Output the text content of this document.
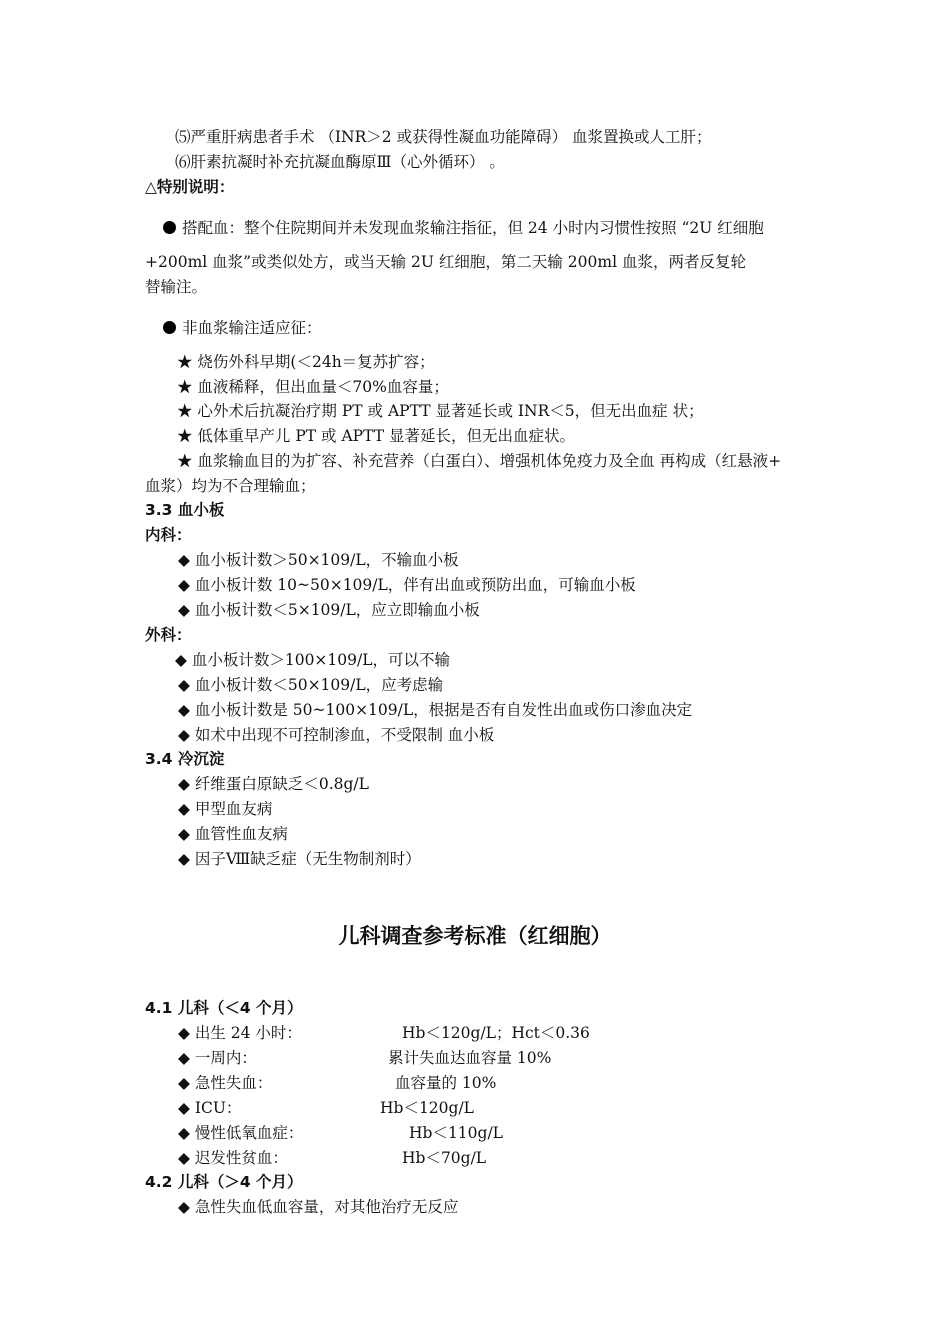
⑸严重肝病患者手术 （INR＞2 或获得性凝血功能障碍） 血浆置换或人工肝；
⑹肝素抗凝时补充抗凝血酶原Ⅲ（心外循环） 。
△特别说明：
搭配血：整个住院期间并未发现血浆输注指征，但 24 小时内习惯性按照 “2U 红细胞
+200ml 血浆”或类似处方，或当天输 2U 红细胞，第二天输 200ml 血浆，两者反复轮
替输注。
非血浆输注适应征：
★ 烧伤外科早期(＜24h＝复苏扩容；
★ 血液稀释，但出血量＜70%血容量；
★ 心外术后抗凝治疗期 PT 或 APTT 显著延长或 INR＜5，但无出血症 状；
★ 低体重早产儿 PT 或 APTT 显著延长，但无出血症状。
★ 血浆输血目的为扩容、补充营养（白蛋白）、增强机体免疫力及全血 再构成（红悬液+
血浆）均为不合理输血；
3.3 血小板
内科：
◆ 血小板计数＞50×109/L，不输血小板
◆ 血小板计数 10~50×109/L，伴有出血或预防出血，可输血小板
◆ 血小板计数＜5×109/L，应立即输血小板
外科：
◆ 血小板计数＞100×109/L，可以不输
◆ 血小板计数＜50×109/L，应考虑输
◆ 血小板计数是 50~100×109/L，根据是否有自发性出血或伤口渗血决定
◆ 如术中出现不可控制渗血，不受限制 血小板
3.4 冷沉淀
◆ 纤维蛋白原缺乏＜0.8g/L
◆ 甲型血友病
◆ 血管性血友病
◆ 因子Ⅷ缺乏症（无生物制剂时）
儿科调查参考标准（红细胞）
4.1 儿科（＜4 个月）
◆ 出生 24 小时：	Hb＜120g/L；Hct＜0.36
◆ 一周内：	累计失血达血容量 10%
◆ 急性失血：	血容量的 10%
◆ ICU：	Hb＜120g/L
◆ 慢性低氧血症：	Hb＜110g/L
◆ 迟发性贫血：	Hb＜70g/L
4.2 儿科（＞4 个月）
◆ 急性失血低血容量，对其他治疗无反应
